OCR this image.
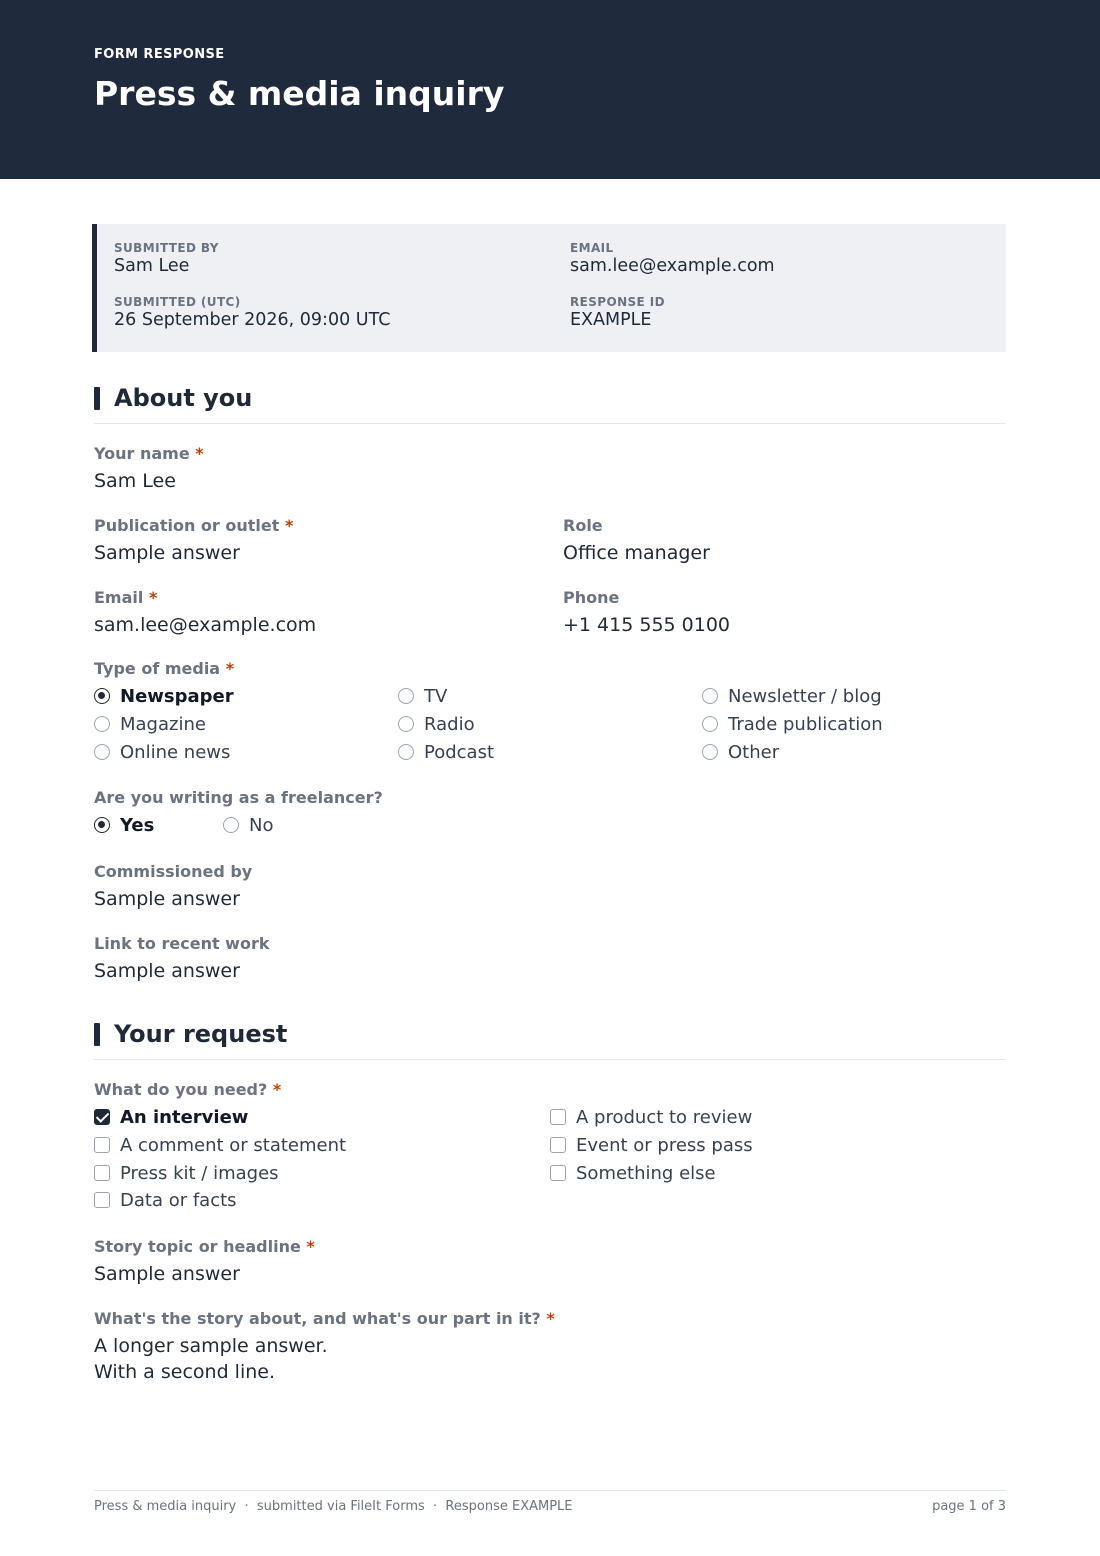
FORM RESPONSE
Press & media inquiry
SUBMITTED BY
Sam Lee
EMAIL
sam.lee@example.com
SUBMITTED (UTC)
26 September 2026, 09:00 UTC
RESPONSE ID
EXAMPLE
About you
Your name *
Sam Lee
Publication or outlet *
Sample answer
Role
Office manager
Email *
sam.lee@example.com
Phone
+1 415 555 0100
Type of media *
Newspaper	TV	Newsletter / blog
Magazine	Radio	Trade publication
Online news	Podcast	Other
Are you writing as a freelancer?
Yes	No
Commissioned by
Sample answer
Link to recent work
Sample answer
Your request
What do you need? *
An interview	A product to review
A comment or statement	Event or press pass
Press kit / images	Something else
Data or facts
Story topic or headline *
Sample answer
What's the story about, and what's our part in it? *
A longer sample answer.
With a second line.
Press & media inquiry  ·  submitted via FileIt Forms  ·  Response EXAMPLE	page 1 of 3
